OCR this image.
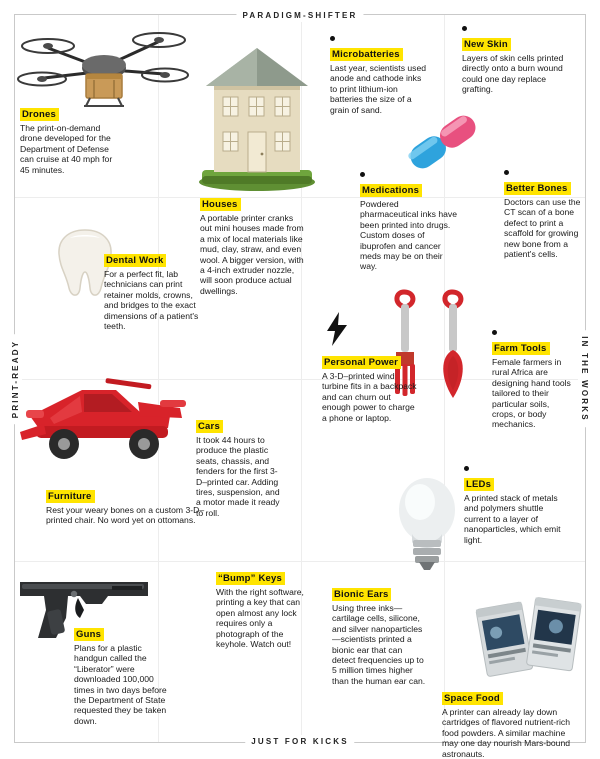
PARADIGM-SHIFTER
JUST FOR KICKS
PRINT-READY	IN THE WORKS
Drones

The print-on-demand drone developed for the Department of Defense can cruise at 40 mph for 45 minutes.

Microbatteries

Last year, scientists used anode and cathode inks to print lithium-ion batteries the size of a grain of sand.

New Skin

Layers of skin cells printed directly onto a burn wound could one day replace grafting.

Houses

A portable printer cranks out mini houses made from a mix of local materials like mud, clay, straw, and even wool. A bigger version, with a 4-inch extruder nozzle, will soon produce actual dwellings.

Medications

Powdered pharmaceutical inks have been printed into drugs. Custom doses of ibuprofen and cancer meds may be on their way.

Better Bones

Doctors can use the CT scan of a bone defect to print a scaffold for growing new bone from a patient's cells.

Dental Work

For a perfect fit, lab technicians can print retainer molds, crowns, and bridges to the exact dimensions of a patient's teeth.

Farm Tools

Female farmers in rural Africa are designing hand tools tailored to their particular soils, crops, or body mechanics.

Personal Power

A 3-D–printed wind turbine fits in a backpack and can churn out enough power to charge a phone or laptop.

Cars

It took 44 hours to produce the plastic seats, chassis, and fenders for the first 3-D–printed car. Adding tires, suspension, and a motor made it ready to roll.

LEDs

A printed stack of metals and polymers shuttle current to a layer of nanoparticles, which emit light.

Furniture

Rest your weary bones on a custom 3-D–printed chair. No word yet on ottomans.

“Bump” Keys

With the right software, printing a key that can open almost any lock requires only a photograph of the keyhole. Watch out!

Bionic Ears

Using three inks—cartilage cells, silicone, and silver nanoparticles—scientists printed a bionic ear that can detect frequencies up to 5 million times higher than the human ear can.

Guns

Plans for a plastic handgun called the “Liberator” were downloaded 100,000 times in two days before the Department of State requested they be taken down.

Space Food

A printer can already lay down cartridges of flavored nutrient-rich food powders. A similar machine may one day nourish Mars-bound astronauts.
